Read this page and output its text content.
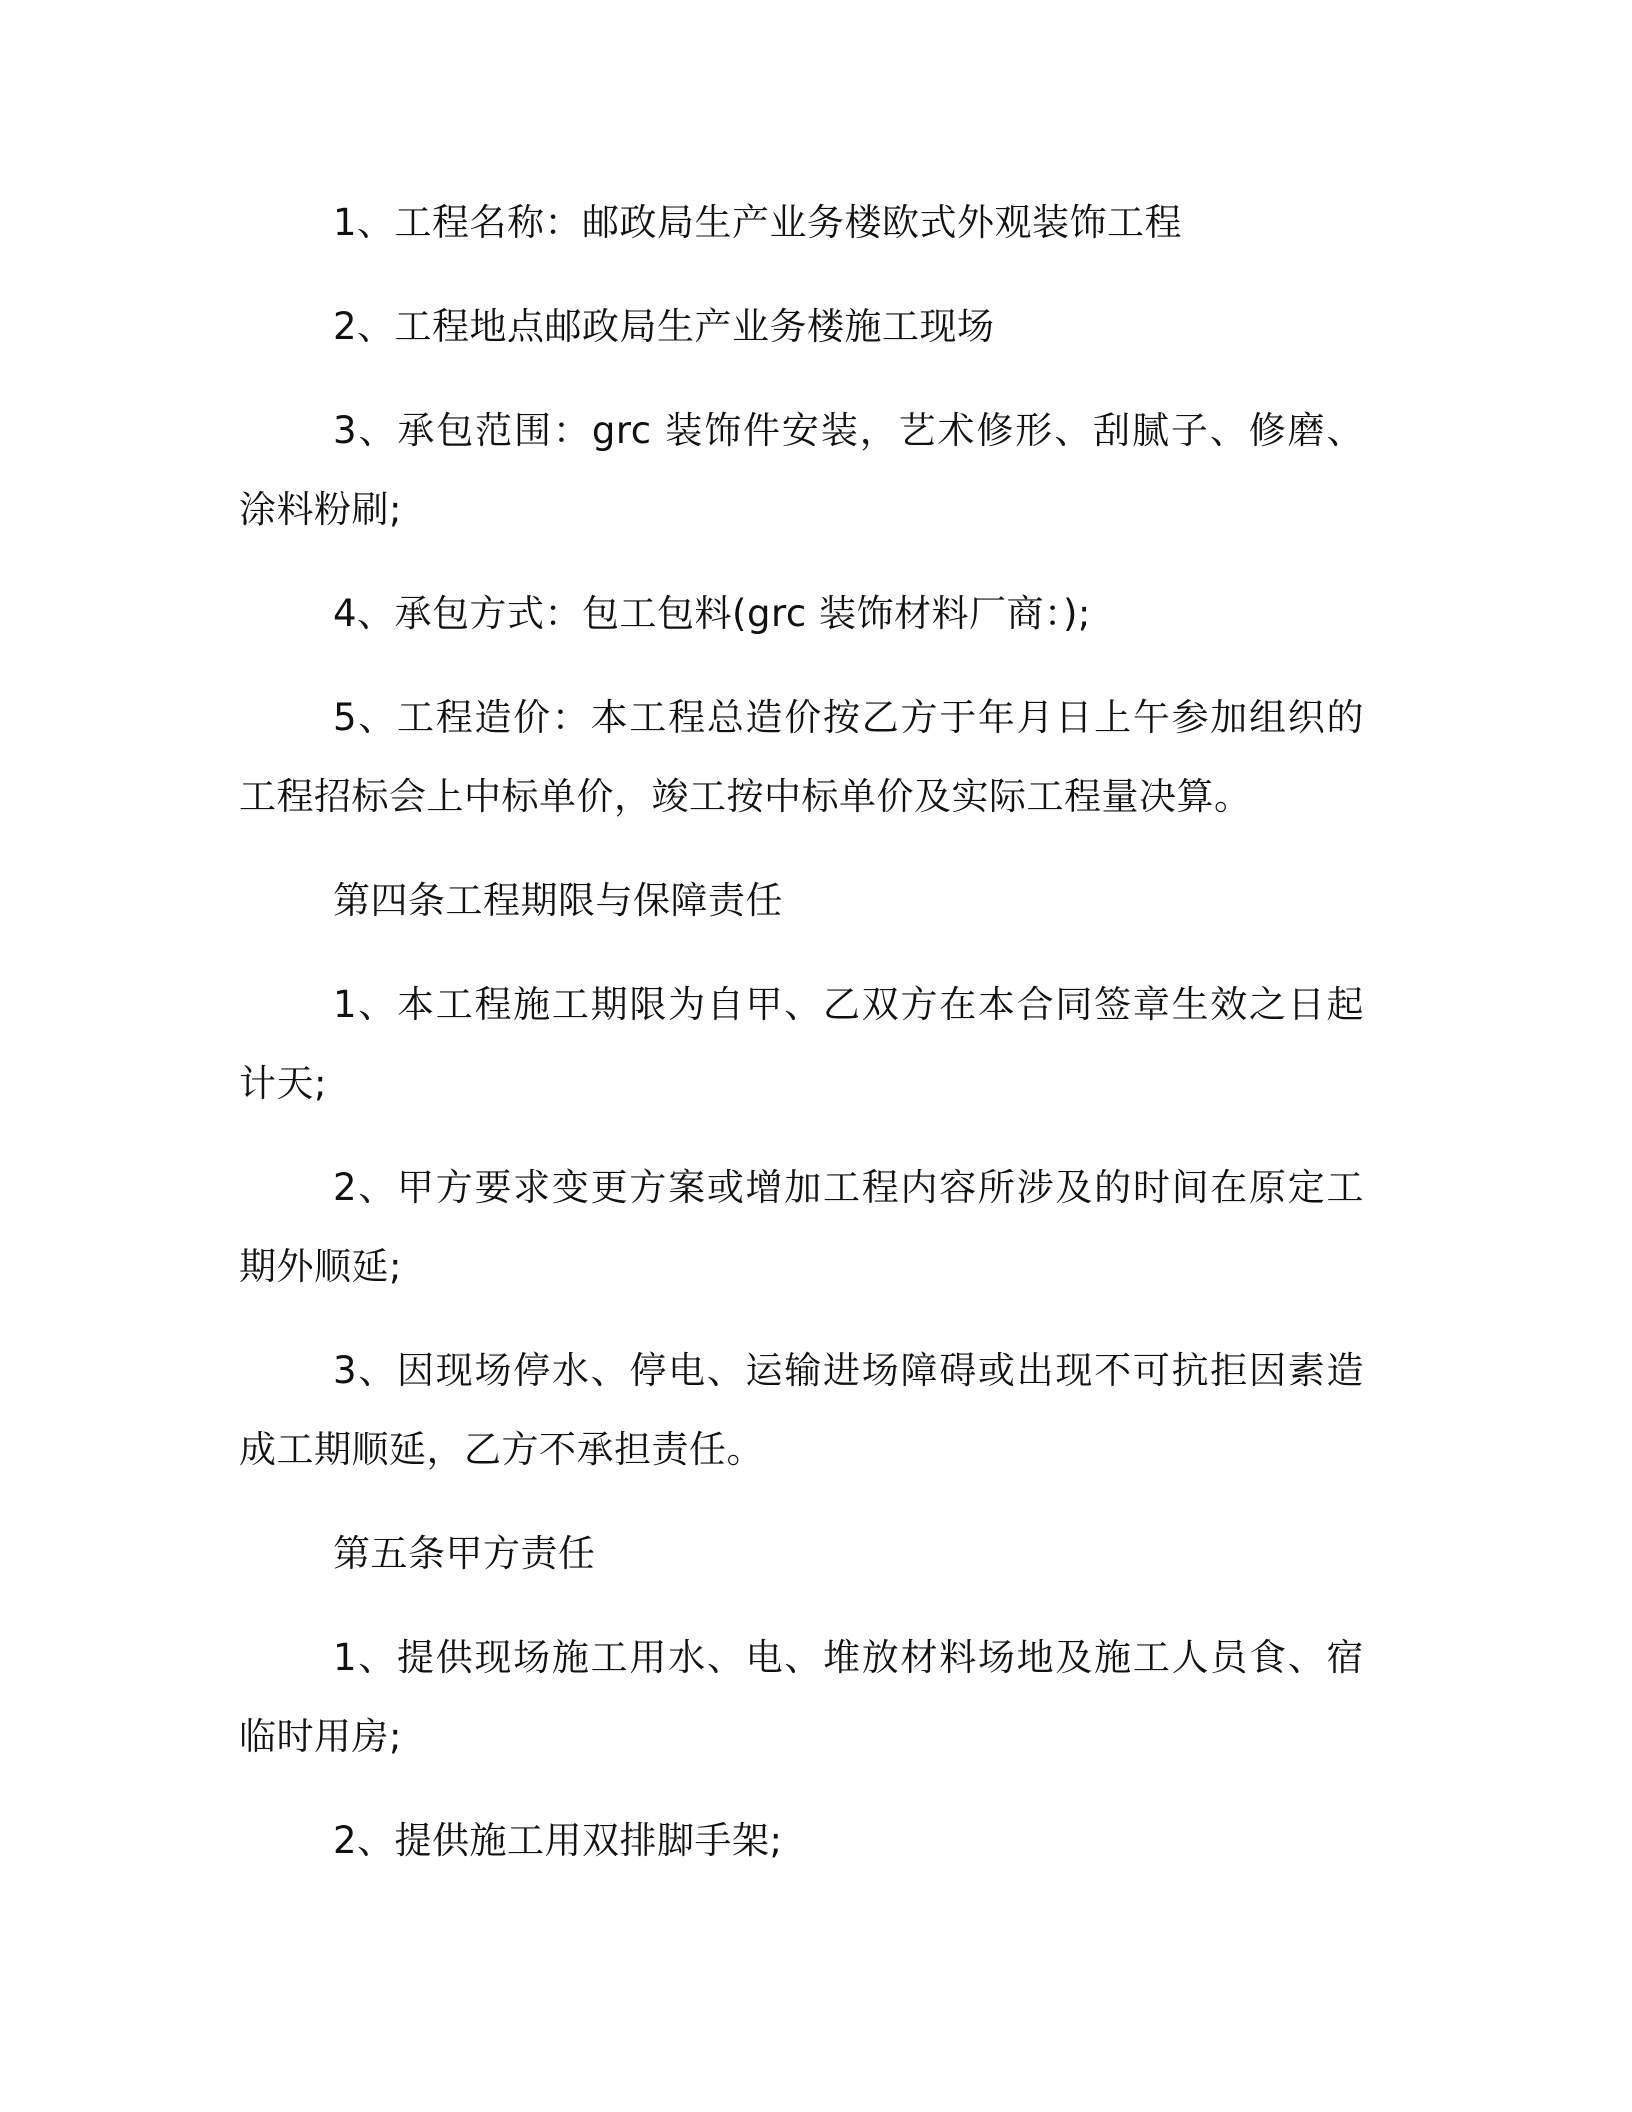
1、工程名称：邮政局生产业务楼欧式外观装饰工程

2、工程地点邮政局生产业务楼施工现场

3、承包范围：grc 装饰件安装，艺术修形、刮腻子、修磨、涂料粉刷;

4、承包方式：包工包料(grc 装饰材料厂商：);

5、工程造价：本工程总造价按乙方于年月日上午参加组织的工程招标会上中标单价，竣工按中标单价及实际工程量决算。

第四条工程期限与保障责任

1、本工程施工期限为自甲、乙双方在本合同签章生效之日起计天;

2、甲方要求变更方案或增加工程内容所涉及的时间在原定工期外顺延;

3、因现场停水、停电、运输进场障碍或出现不可抗拒因素造成工期顺延，乙方不承担责任。

第五条甲方责任

1、提供现场施工用水、电、堆放材料场地及施工人员食、宿临时用房;

2、提供施工用双排脚手架;
